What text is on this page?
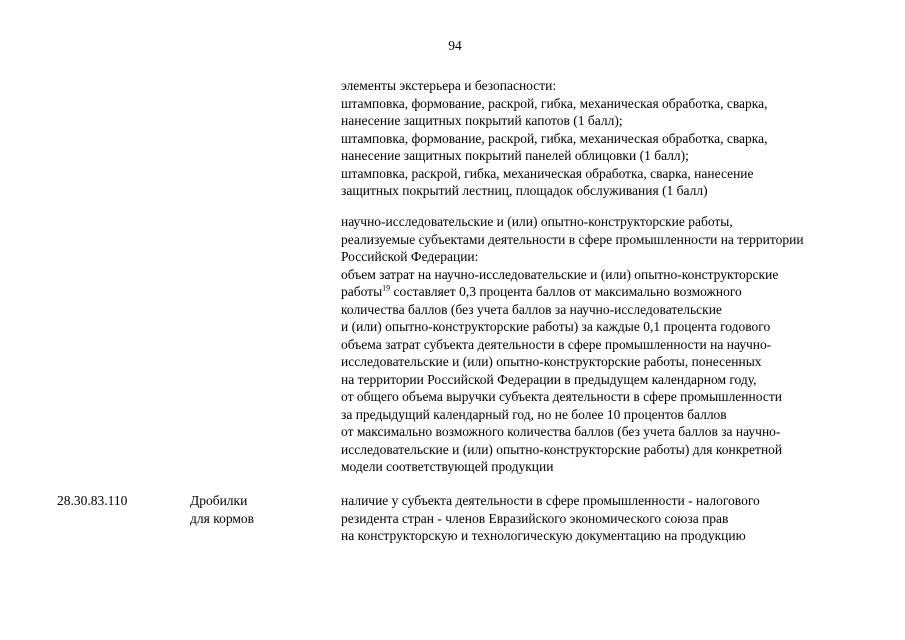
94
элементы экстерьера и безопасности:
штамповка, формование, раскрой, гибка, механическая обработка, сварка,
нанесение защитных покрытий капотов (1 балл);
штамповка, формование, раскрой, гибка, механическая обработка, сварка,
нанесение защитных покрытий панелей облицовки (1 балл);
штамповка, раскрой, гибка, механическая обработка, сварка, нанесение
защитных покрытий лестниц, площадок обслуживания (1 балл)
научно-исследовательские и (или) опытно-конструкторские работы,
реализуемые субъектами деятельности в сфере промышленности на территории
Российской Федерации:
объем затрат на научно-исследовательские и (или) опытно-конструкторские
работы$^{19}$ составляет 0,3 процента баллов от максимально возможного
количества баллов (без учета баллов за научно-исследовательские
и (или) опытно-конструкторские работы) за каждые 0,1 процента годового
объема затрат субъекта деятельности в сфере промышленности на научно-
исследовательские и (или) опытно-конструкторские работы, понесенных
на территории Российской Федерации в предыдущем календарном году,
от общего объема выручки субъекта деятельности в сфере промышленности
за предыдущий календарный год, но не более 10 процентов баллов
от максимально возможного количества баллов (без учета баллов за научно-
исследовательские и (или) опытно-конструкторские работы) для конкретной
модели соответствующей продукции
28.30.83.110	Дробилки
для кормов
наличие у субъекта деятельности в сфере промышленности - налогового
резидента стран - членов Евразийского экономического союза прав
на конструкторскую и технологическую документацию на продукцию
